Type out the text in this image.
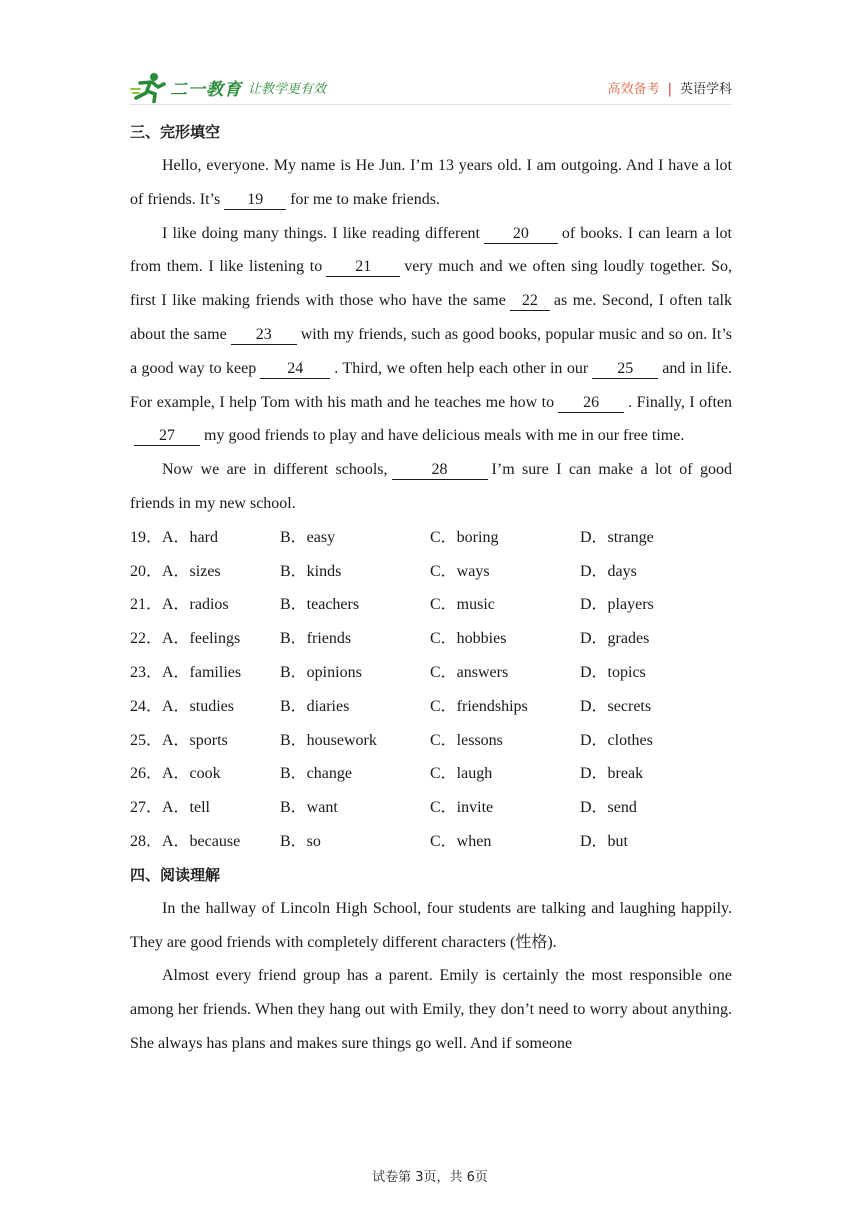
二一教育 让教学更有效	高效备考 | 英语学科
三、完形填空

Hello, everyone. My name is He Jun. I’m 13 years old. I am outgoing. And I have a lot of friends. It’s 19 for me to make friends.

I like doing many things. I like reading different 20 of books. I can learn a lot from them. I like listening to 21 very much and we often sing loudly together. So, first I like making friends with those who have the same 22 as me. Second, I often talk about the same 23 with my friends, such as good books, popular music and so on. It’s a good way to keep 24 . Third, we often help each other in our 25 and in life. For example, I help Tom with his math and he teaches me how to 26 . Finally, I often27 my good friends to play and have delicious meals with me in our free time.

Now we are in different schools,	28	I’m sure I can make a lot of good friends in my new school.

19．A．hard	B．easy	C．boring	D．strange
20．A．sizes	B．kinds	C．ways	D．days
21．A．radios	B．teachers	C．music	D．players
22．A．feelings	B．friends	C．hobbies	D．grades
23．A．families	B．opinions	C．answers	D．topics
24．A．studies	B．diaries	C．friendships	D．secrets
25．A．sports	B．housework	C．lessons	D．clothes
26．A．cook	B．change	C．laugh	D．break
27．A．tell	B．want	C．invite	D．send
28．A．because	B．so	C．when	D．but
四、阅读理解

In the hallway of Lincoln High School, four students are talking and laughing happily. They are good friends with completely different characters (性格).

Almost every friend group has a parent. Emily is certainly the most responsible one among her friends. When they hang out with Emily, they don’t need to worry about anything. She always has plans and makes sure things go well. And if someone

试卷第 3页，共 6页
